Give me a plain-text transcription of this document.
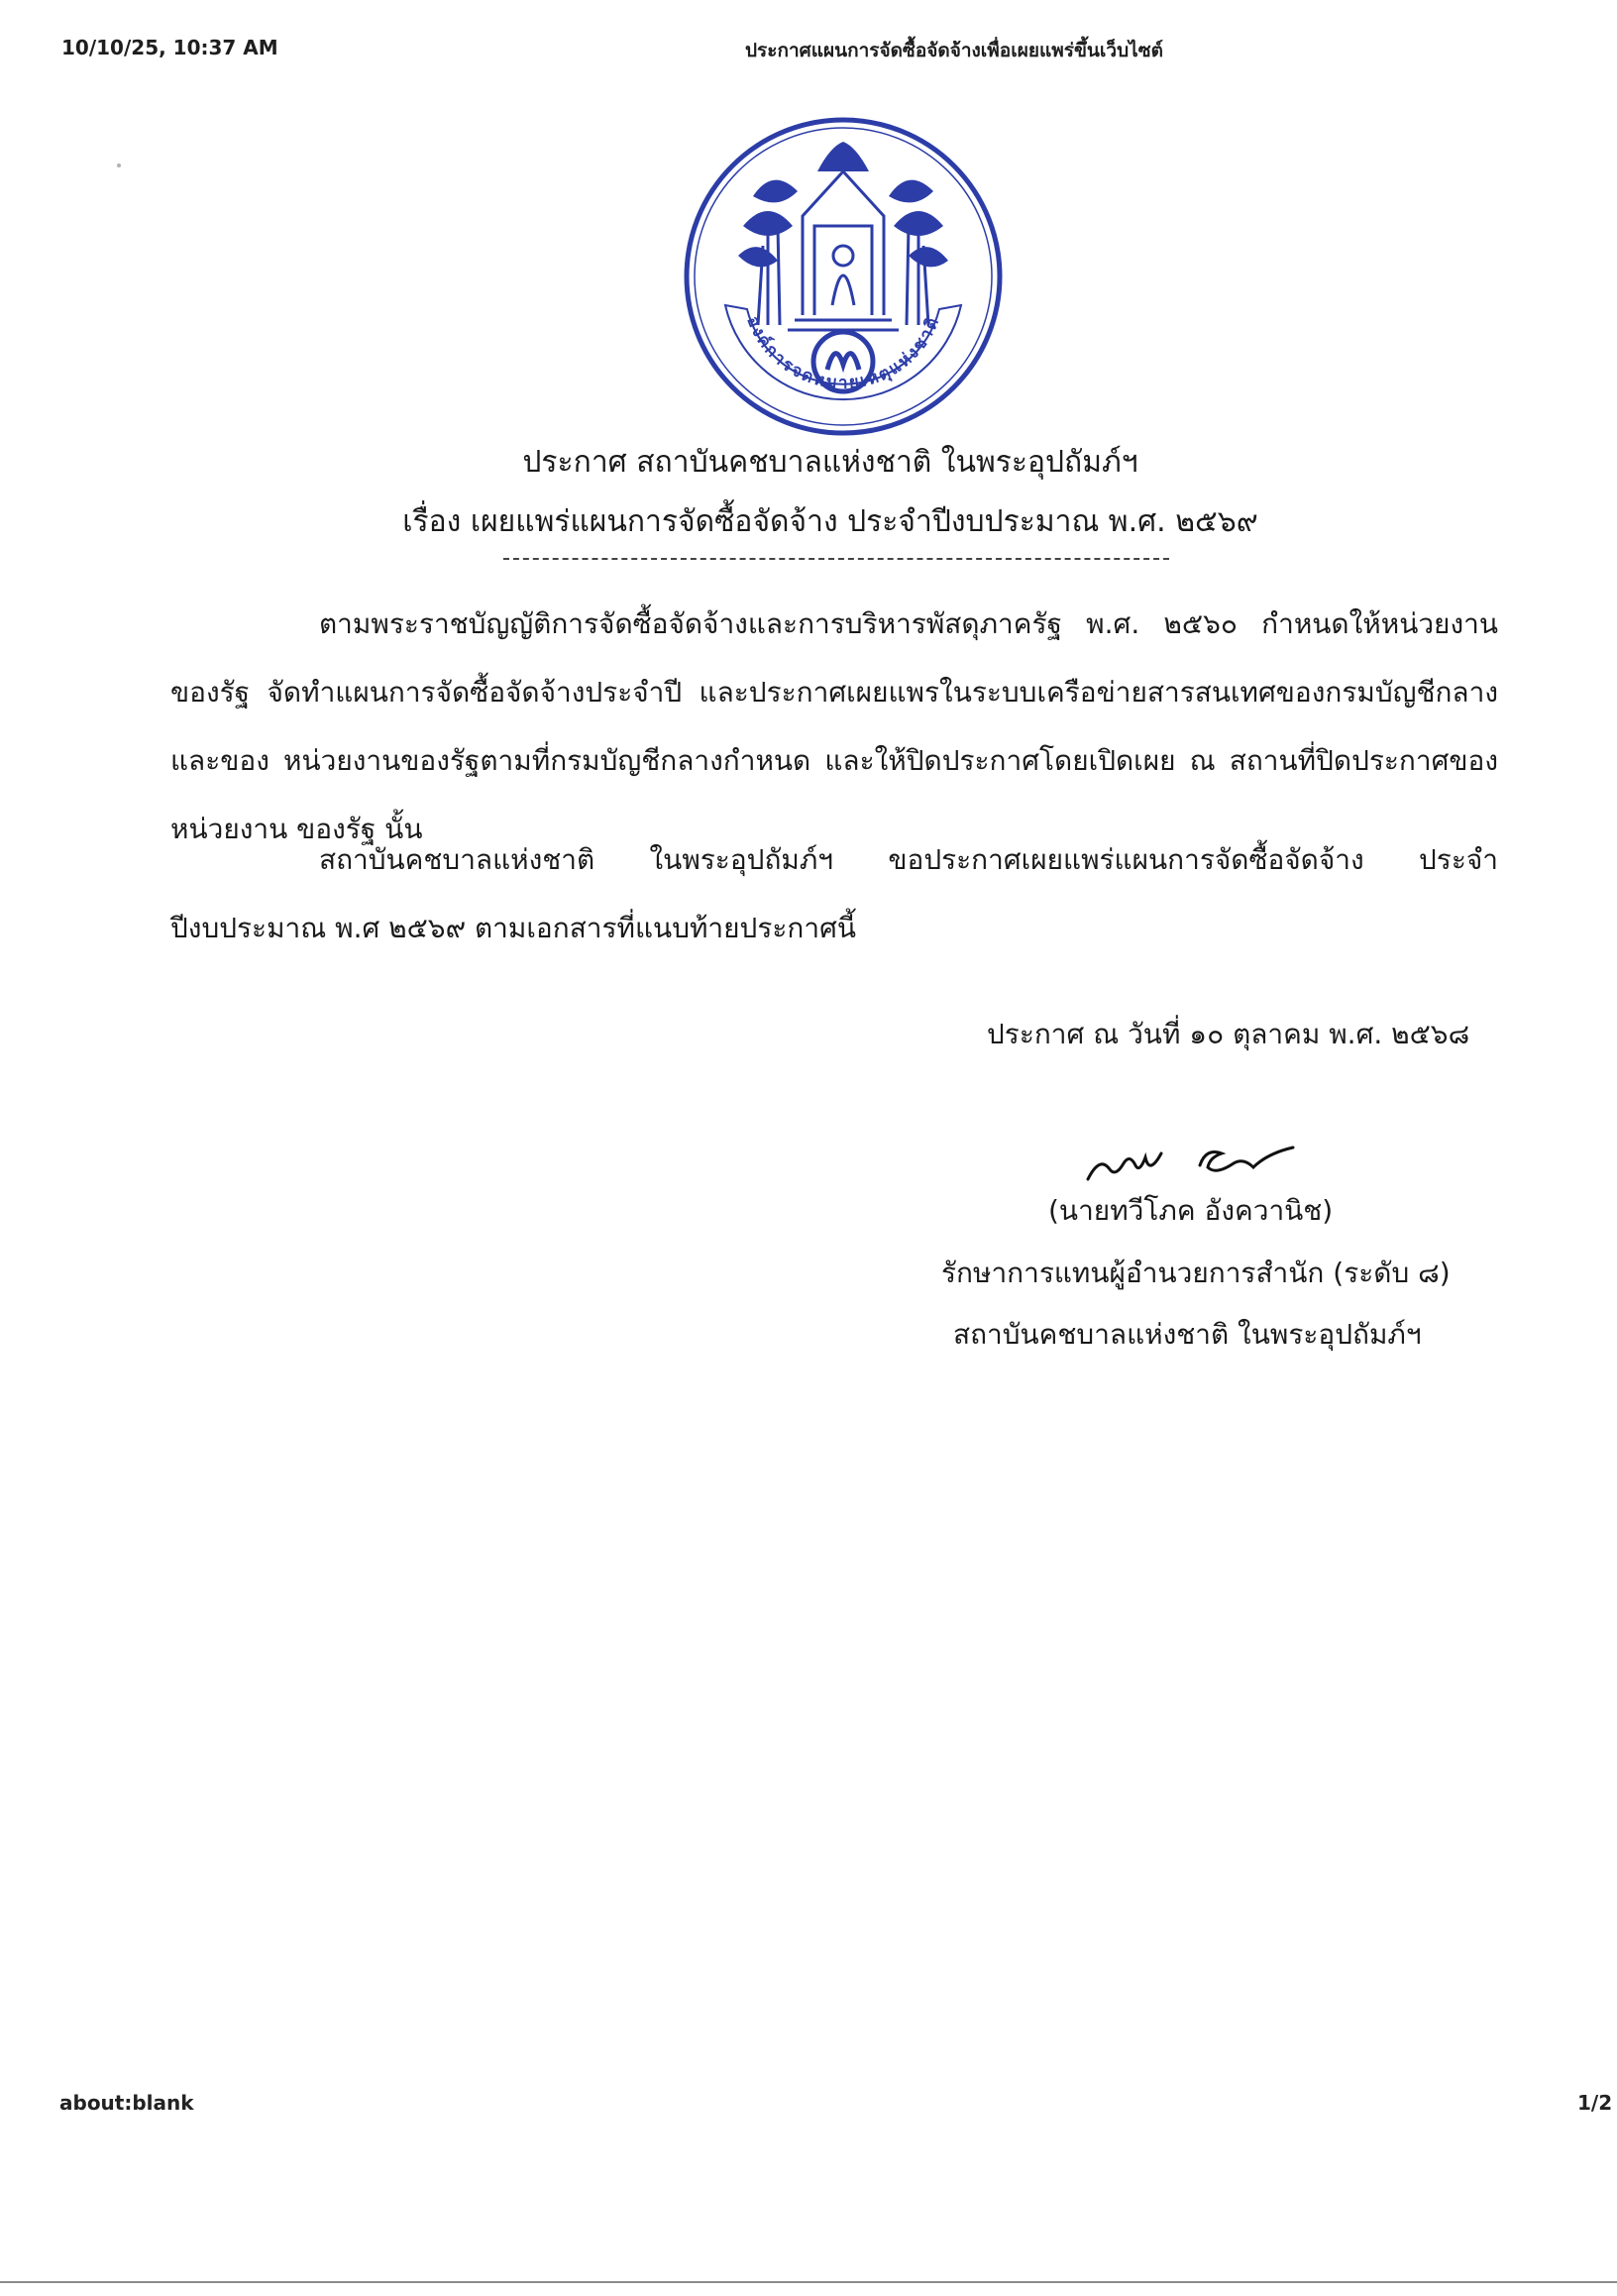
10/10/25, 10:37 AM	ประกาศแผนการจัดซื้อจัดจ้างเพื่อเผยแพร่ขึ้นเว็บไซต์
องค์การจดหมายเหตุแห่งชาติ
ประกาศ สถาบันคชบาลแห่งชาติ ในพระอุปถัมภ์ฯ
เรื่อง เผยแพร่แผนการจัดซื้อจัดจ้าง ประจำปีงบประมาณ พ.ศ. ๒๕๖๙
ตามพระราชบัญญัติการจัดซื้อจัดจ้างและการบริหารพัสดุภาครัฐ พ.ศ. ๒๕๖๐ กำหนดให้หน่วยงานของรัฐ จัดทำแผนการจัดซื้อจัดจ้างประจำปี และประกาศเผยแพรในระบบเครือข่ายสารสนเทศของกรมบัญชีกลางและของ หน่วยงานของรัฐตามที่กรมบัญชีกลางกำหนด และให้ปิดประกาศโดยเปิดเผย ณ สถานที่ปิดประกาศของหน่วยงาน ของรัฐ นั้น
สถาบันคชบาลแห่งชาติ ในพระอุปถัมภ์ฯ ขอประกาศเผยแพร่แผนการจัดซื้อจัดจ้าง ประจำปีงบประมาณ พ.ศ ๒๕๖๙ ตามเอกสารที่แนบท้ายประกาศนี้
ประกาศ ณ วันที่ ๑๐ ตุลาคม พ.ศ. ๒๕๖๘
(นายทวีโภค อังควานิช)
รักษาการแทนผู้อำนวยการสำนัก (ระดับ ๘)
สถาบันคชบาลแห่งชาติ ในพระอุปถัมภ์ฯ
about:blank	1/2
